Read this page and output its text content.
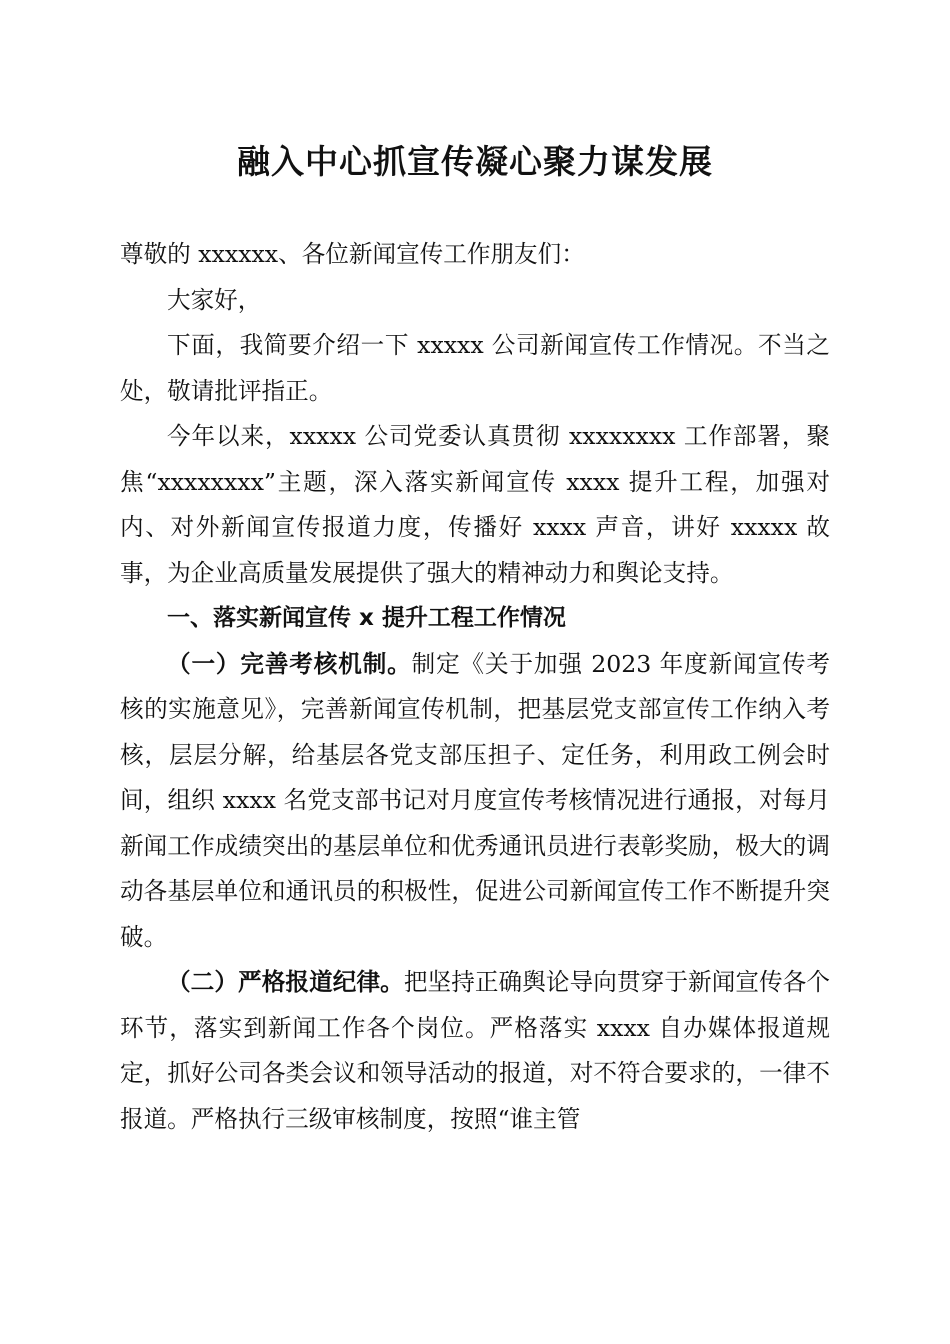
融入中心抓宣传凝心聚力谋发展

尊敬的 xxxxxx、各位新闻宣传工作朋友们：

大家好，

下面，我简要介绍一下 xxxxx 公司新闻宣传工作情况。不当之处，敬请批评指正。

今年以来，xxxxx 公司党委认真贯彻 xxxxxxxx 工作部署，聚焦“xxxxxxxx”主题，深入落实新闻宣传 xxxx 提升工程，加强对内、对外新闻宣传报道力度，传播好 xxxx 声音，讲好 xxxxx 故事，为企业高质量发展提供了强大的精神动力和舆论支持。

一、落实新闻宣传 x 提升工程工作情况

（一）完善考核机制。制定《关于加强 2023 年度新闻宣传考核的实施意见》，完善新闻宣传机制，把基层党支部宣传工作纳入考核，层层分解，给基层各党支部压担子、定任务，利用政工例会时间，组织 xxxx 名党支部书记对月度宣传考核情况进行通报，对每月新闻工作成绩突出的基层单位和优秀通讯员进行表彰奖励，极大的调动各基层单位和通讯员的积极性，促进公司新闻宣传工作不断提升突破。

（二）严格报道纪律。把坚持正确舆论导向贯穿于新闻宣传各个环节，落实到新闻工作各个岗位。严格落实 xxxx 自办媒体报道规定，抓好公司各类会议和领导活动的报道，对不符合要求的，一律不报道。严格执行三级审核制度，按照“谁主管
